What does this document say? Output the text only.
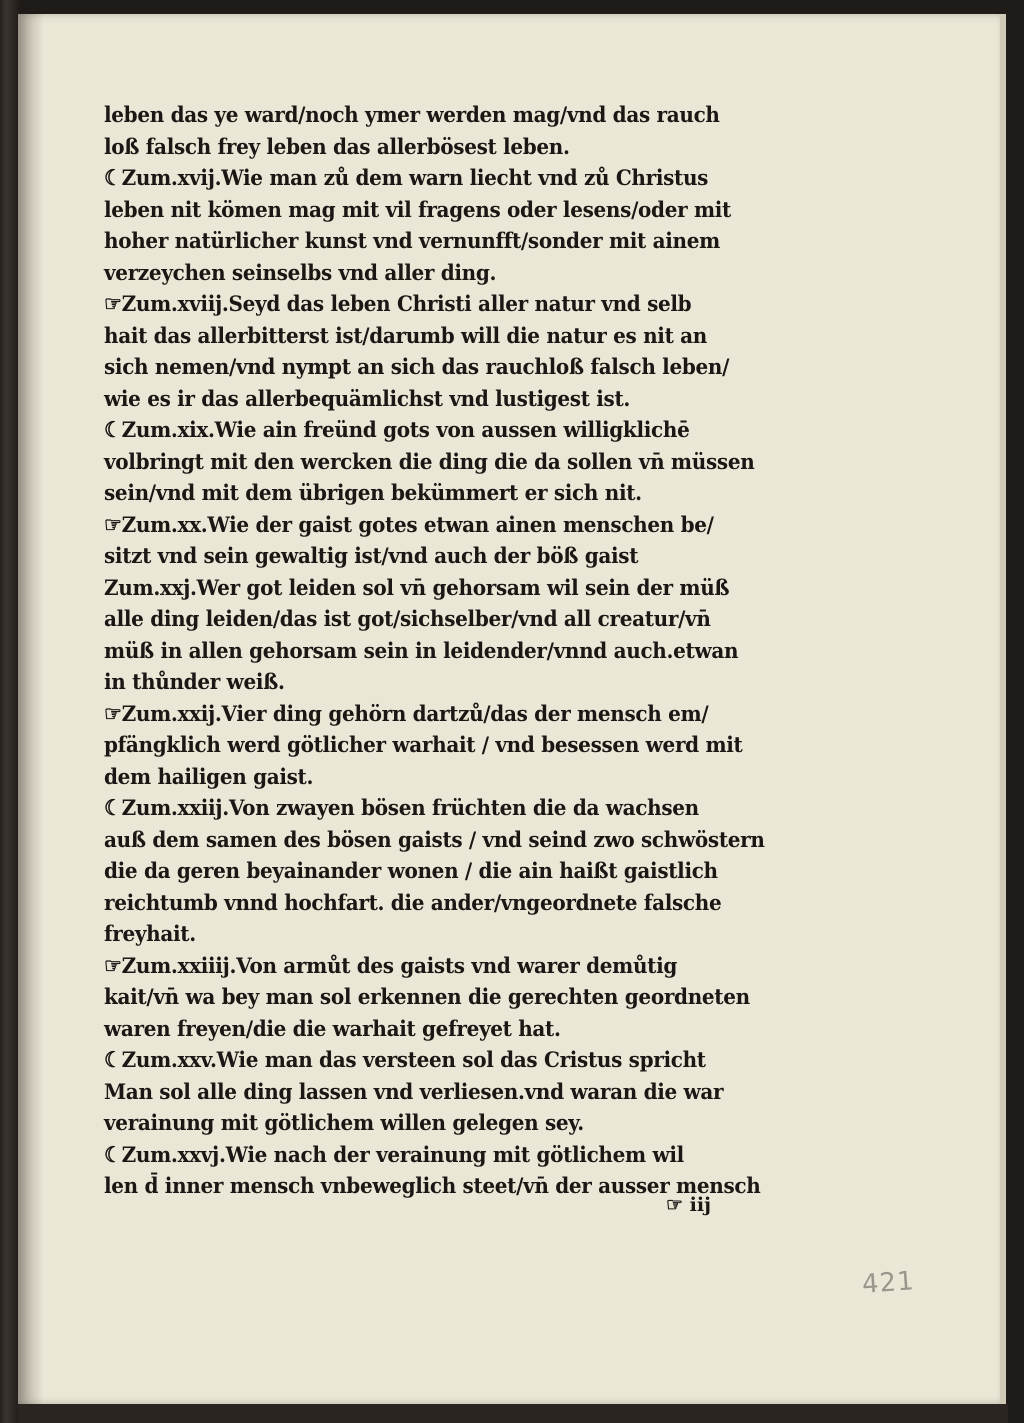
leben das ye ward/noch ymer werden mag/vnd das rauch
loß falsch frey leben das allerbösest leben.
☾Zum.xvij.Wie man zů dem warn liecht vnd zů Christus
leben nit kömen mag mit vil fragens oder lesens/oder mit
hoher natürlicher kunst vnd vernunfft/sonder mit ainem
verzeychen seinselbs vnd aller ding.
☞Zum.xviij.Seyd das leben Christi aller natur vnd selb
hait das allerbitterst ist/darumb will die natur es nit an
sich nemen/vnd nympt an sich das rauchloß falsch leben/
wie es ir das allerbequämlichst vnd lustigest ist.
☾Zum.xix.Wie ain freünd gots von aussen willigklichē
volbringt mit den wercken die ding die da sollen vn̄ müssen
sein/vnd mit dem übrigen bekümmert er sich nit.
☞Zum.xx.Wie der gaist gotes etwan ainen menschen be/
sitzt vnd sein gewaltig ist/vnd auch der böß gaist
Zum.xxj.Wer got leiden sol vn̄ gehorsam wil sein der müß
alle ding leiden/das ist got/sichselber/vnd all creatur/vn̄
müß in allen gehorsam sein in leidender/vnnd auch.etwan
in thůnder weiß.
☞Zum.xxij.Vier ding gehörn dartzů/das der mensch em/
pfängklich werd götlicher warhait / vnd besessen werd mit
dem hailigen gaist.
☾Zum.xxiij.Von zwayen bösen früchten die da wachsen
auß dem samen des bösen gaists / vnd seind zwo schwöstern
die da geren beyainander wonen / die ain haißt gaistlich
reichtumb vnnd hochfart. die ander/vngeordnete falsche
freyhait.
☞Zum.xxiiij.Von armůt des gaists vnd warer demůtig
kait/vn̄ wa bey man sol erkennen die gerechten geordneten
waren freyen/die die warhait gefreyet hat.
☾Zum.xxv.Wie man das versteen sol das Cristus spricht
Man sol alle ding lassen vnd verliesen.vnd waran die war
verainung mit götlichem willen gelegen sey.
☾Zum.xxvj.Wie nach der verainung mit götlichem wil
len d̄ inner mensch vnbeweglich steet/vn̄ der ausser mensch
☞ iij
421
